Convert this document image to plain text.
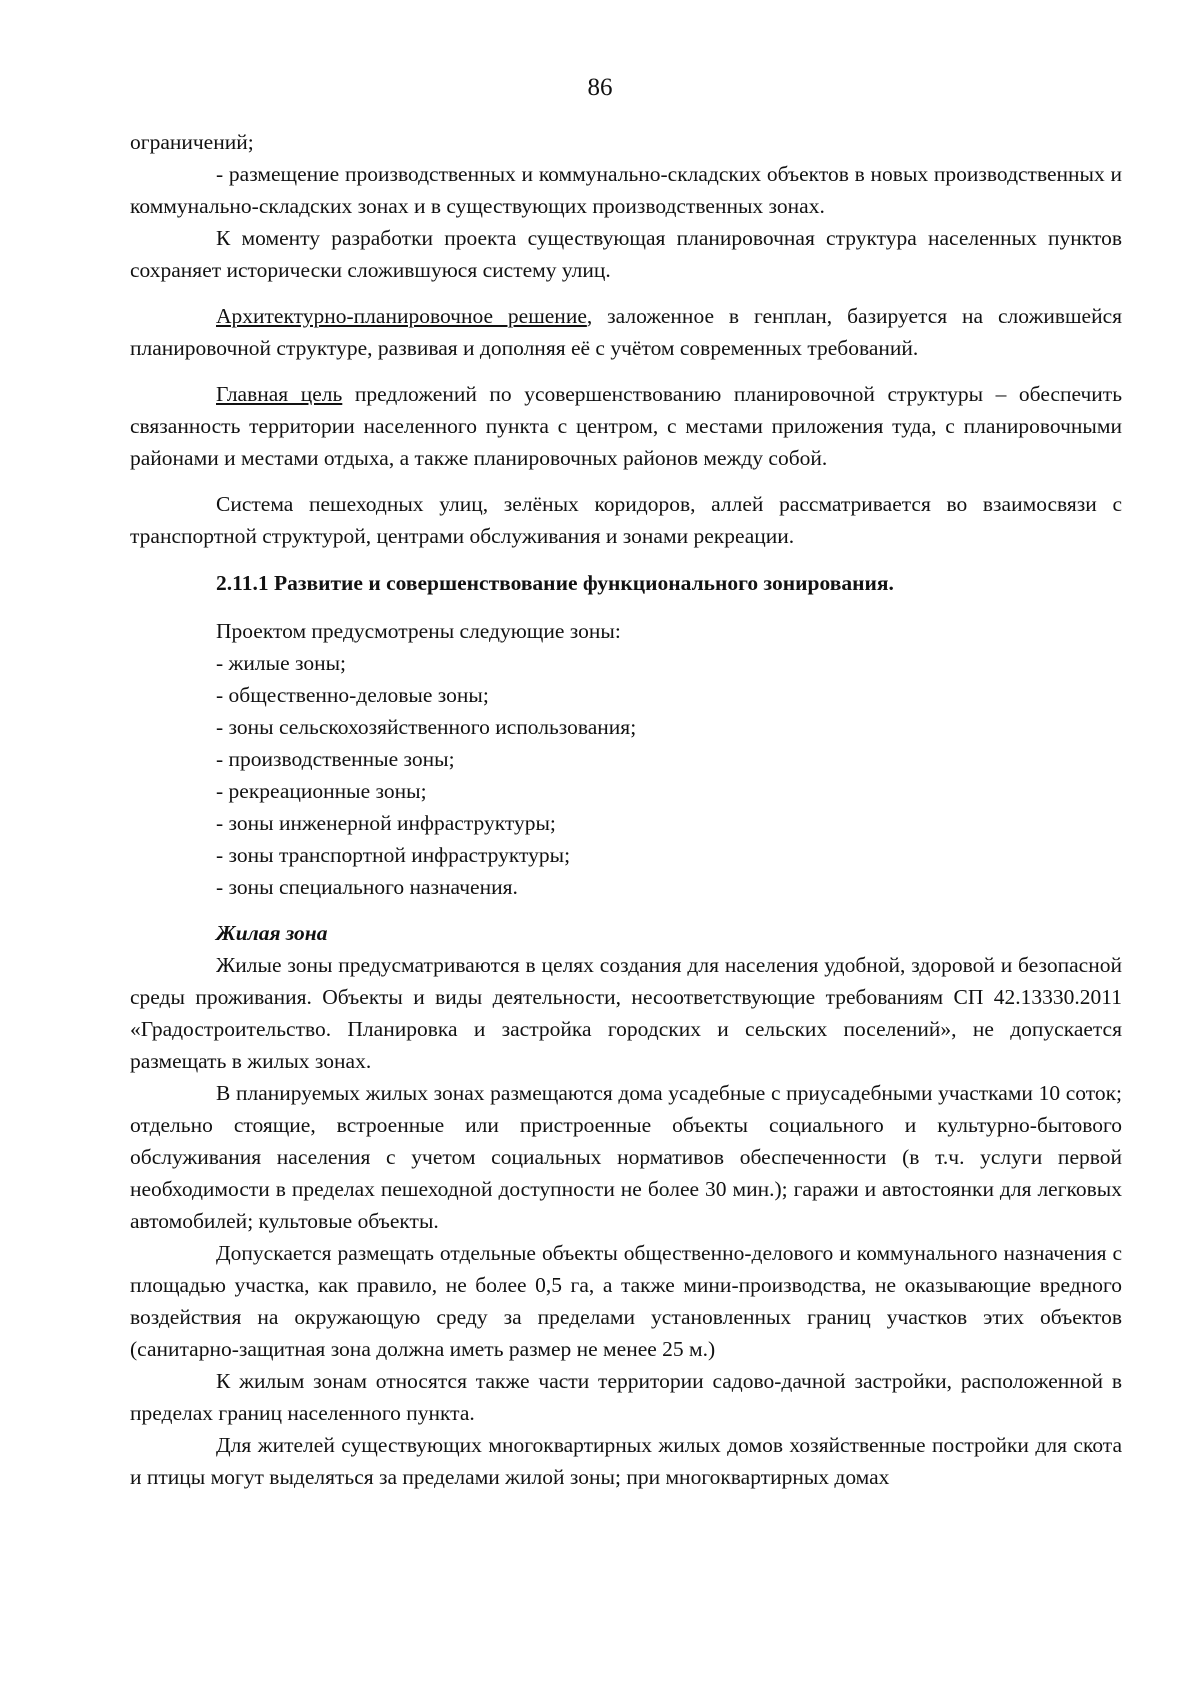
86

ограничений;

- размещение производственных и коммунально-складских объектов в новых производственных и коммунально-складских зонах и в существующих производственных зонах.

К моменту разработки проекта существующая планировочная структура населенных пунктов сохраняет исторически сложившуюся систему улиц.

Архитектурно-планировочное решение, заложенное в генплан, базируется на сложившейся планировочной структуре, развивая и дополняя её с учётом современных требований.

Главная цель предложений по усовершенствованию планировочной структуры – обеспечить связанность территории населенного пункта с центром, с местами приложения туда, с планировочными районами и местами отдыха, а также планировочных районов между собой.

Система пешеходных улиц, зелёных коридоров, аллей рассматривается во взаимосвязи с транспортной структурой, центрами обслуживания и зонами рекреации.

2.11.1 Развитие и совершенствование функционального зонирования.

Проектом предусмотрены следующие зоны:

- жилые зоны;
- общественно-деловые зоны;
- зоны сельскохозяйственного использования;
- производственные зоны;
- рекреационные зоны;
- зоны инженерной инфраструктуры;
- зоны транспортной инфраструктуры;
- зоны специального назначения.

Жилая зона

Жилые зоны предусматриваются в целях создания для населения удобной, здоровой и безопасной среды проживания. Объекты и виды деятельности, несоответствующие требованиям СП 42.13330.2011 «Градостроительство. Планировка и застройка городских и сельских поселений», не допускается размещать в жилых зонах.

В планируемых жилых зонах размещаются дома усадебные с приусадебными участками 10 соток; отдельно стоящие, встроенные или пристроенные объекты социального и культурно-бытового обслуживания населения с учетом социальных нормативов обеспеченности (в т.ч. услуги первой необходимости в пределах пешеходной доступности не более 30 мин.); гаражи и автостоянки для легковых автомобилей; культовые объекты.

Допускается размещать отдельные объекты общественно-делового и коммунального назначения с площадью участка, как правило, не более 0,5 га, а также мини-производства, не оказывающие вредного воздействия на окружающую среду за пределами установленных границ участков этих объектов (санитарно-защитная зона должна иметь размер не менее 25 м.)

К жилым зонам относятся также части территории садово-дачной застройки, расположенной в пределах границ населенного пункта.

Для жителей существующих многоквартирных жилых домов хозяйственные постройки для скота и птицы могут выделяться за пределами жилой зоны; при многоквартирных домах
